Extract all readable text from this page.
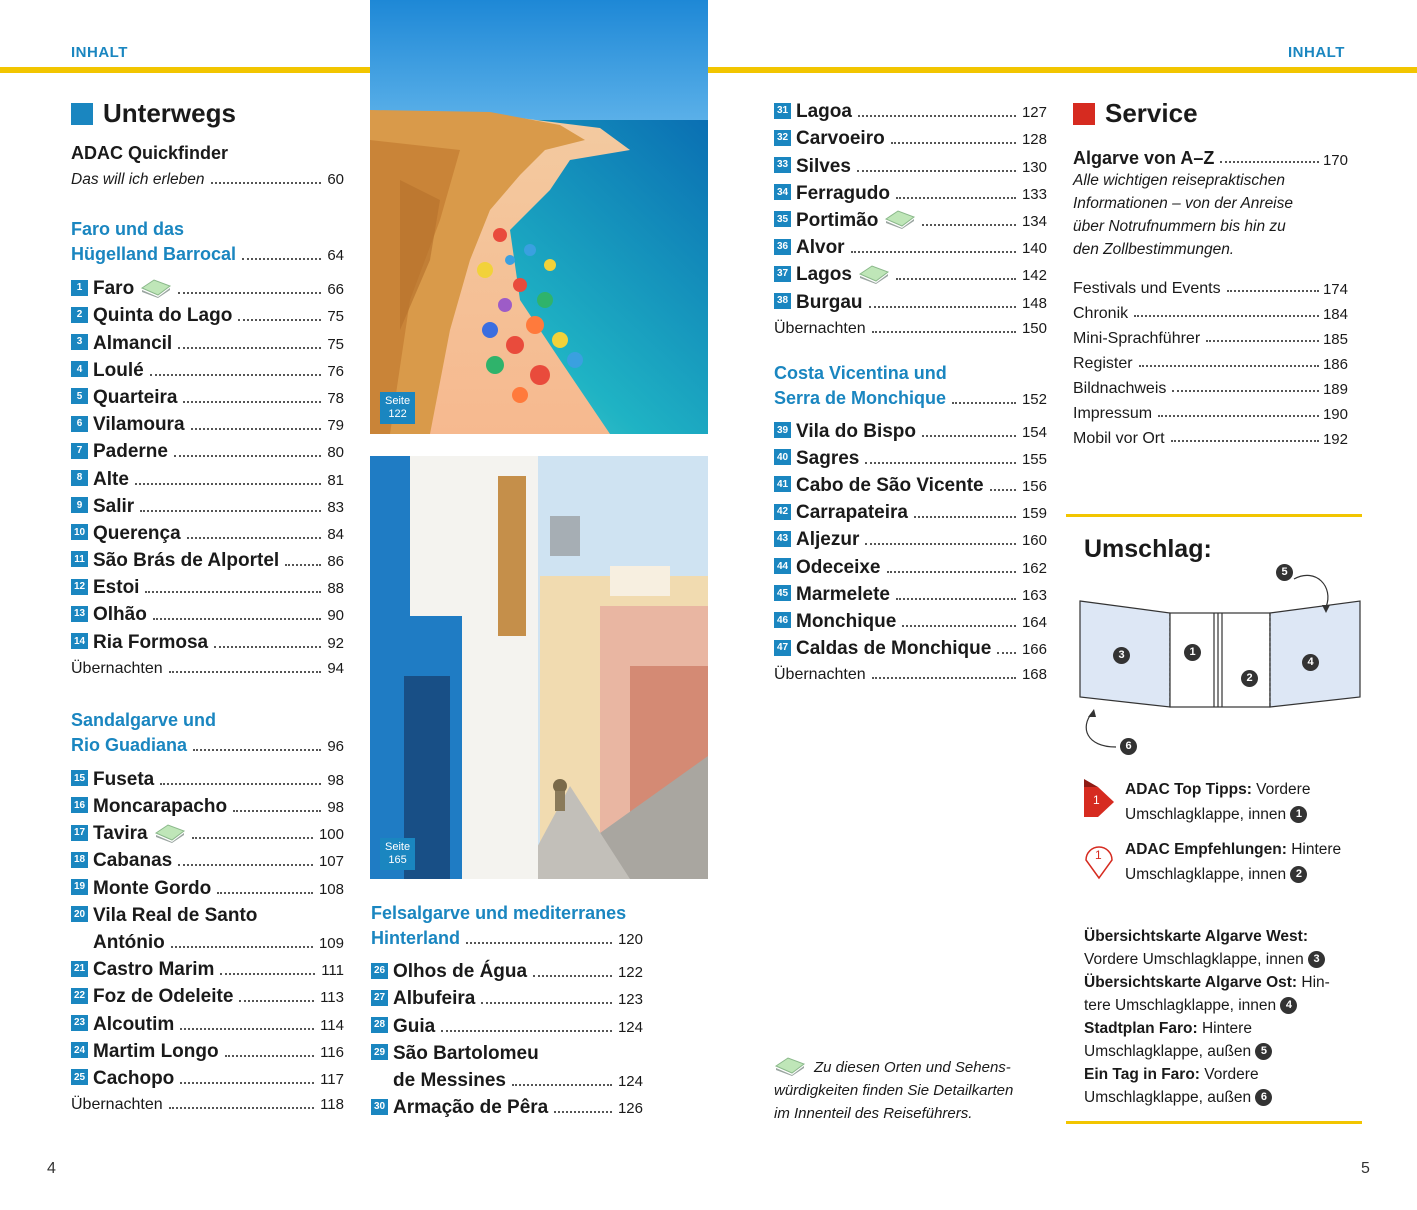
INHALT	INHALT
Unterwegs
ADAC Quickfinder
Das will ich erleben	60
Faro und das
Hügelland Barrocal	64
1 Faro	66
2 Quinta do Lago	75
3 Almancil	75
4 Loulé	76
5 Quarteira	78
6 Vilamoura	79
7 Paderne	80
8 Alte	81
9 Salir	83
10 Querença	84
11 São Brás de Alportel	86
12 Estoi	88
13 Olhão	90
14 Ria Formosa	92
Übernachten	94
Sandalgarve und
Rio Guadiana	96
15 Fuseta	98
16 Moncarapacho	98
17 Tavira	100
18 Cabanas	107
19 Monte Gordo	108
20 Vila Real de Santo
António	109
21 Castro Marim	111
22 Foz de Odeleite	113
23 Alcoutim	114
24 Martim Longo	116
25 Cachopo	117
Übernachten	118
Seite
122
Seite
165
Felsalgarve und mediterranes
Hinterland	120
26 Olhos de Água	122
27 Albufeira	123
28 Guia	124
29 São Bartolomeu
de Messines	124
30 Armação de Pêra	126
31 Lagoa	127
32 Carvoeiro	128
33 Silves	130
34 Ferragudo	133
35 Portimão	134
36 Alvor	140
37 Lagos	142
38 Burgau	148
Übernachten	150
Costa Vicentina und
Serra de Monchique	152
39 Vila do Bispo	154
40 Sagres	155
41 Cabo de São Vicente	156
42 Carrapateira	159
43 Aljezur	160
44 Odeceixe	162
45 Marmelete	163
46 Monchique	164
47 Caldas de Monchique 166
Übernachten	168
Zu diesen Orten und Sehens-
würdigkeiten finden Sie Detailkarten
im Innenteil des Reiseführers.
Service
Algarve von A–Z	170
Alle wichtigen reisepraktischen
Informationen – von der Anreise
über Notrufnummern bis hin zu
den Zollbestimmungen.
Festivals und Events	174
Chronik	184
Mini-Sprachführer	185
Register	186
Bildnachweis	189
Impressum	190
Mobil vor Ort	192
Umschlag:
5
3	1
2
4
6
1
ADAC Top Tipps: Vordere
Umschlagklappe, innen 1
1 ADAC Empfehlungen: Hintere
Umschlagklappe, innen 2
Übersichtskarte Algarve West:
Vordere Umschlagklappe, innen 3
Übersichtskarte Algarve Ost: Hin-
tere Umschlagklappe, innen 4
Stadtplan Faro: Hintere
Umschlagklappe, außen 5
Ein Tag in Faro: Vordere
Umschlagklappe, außen 6
4	5
